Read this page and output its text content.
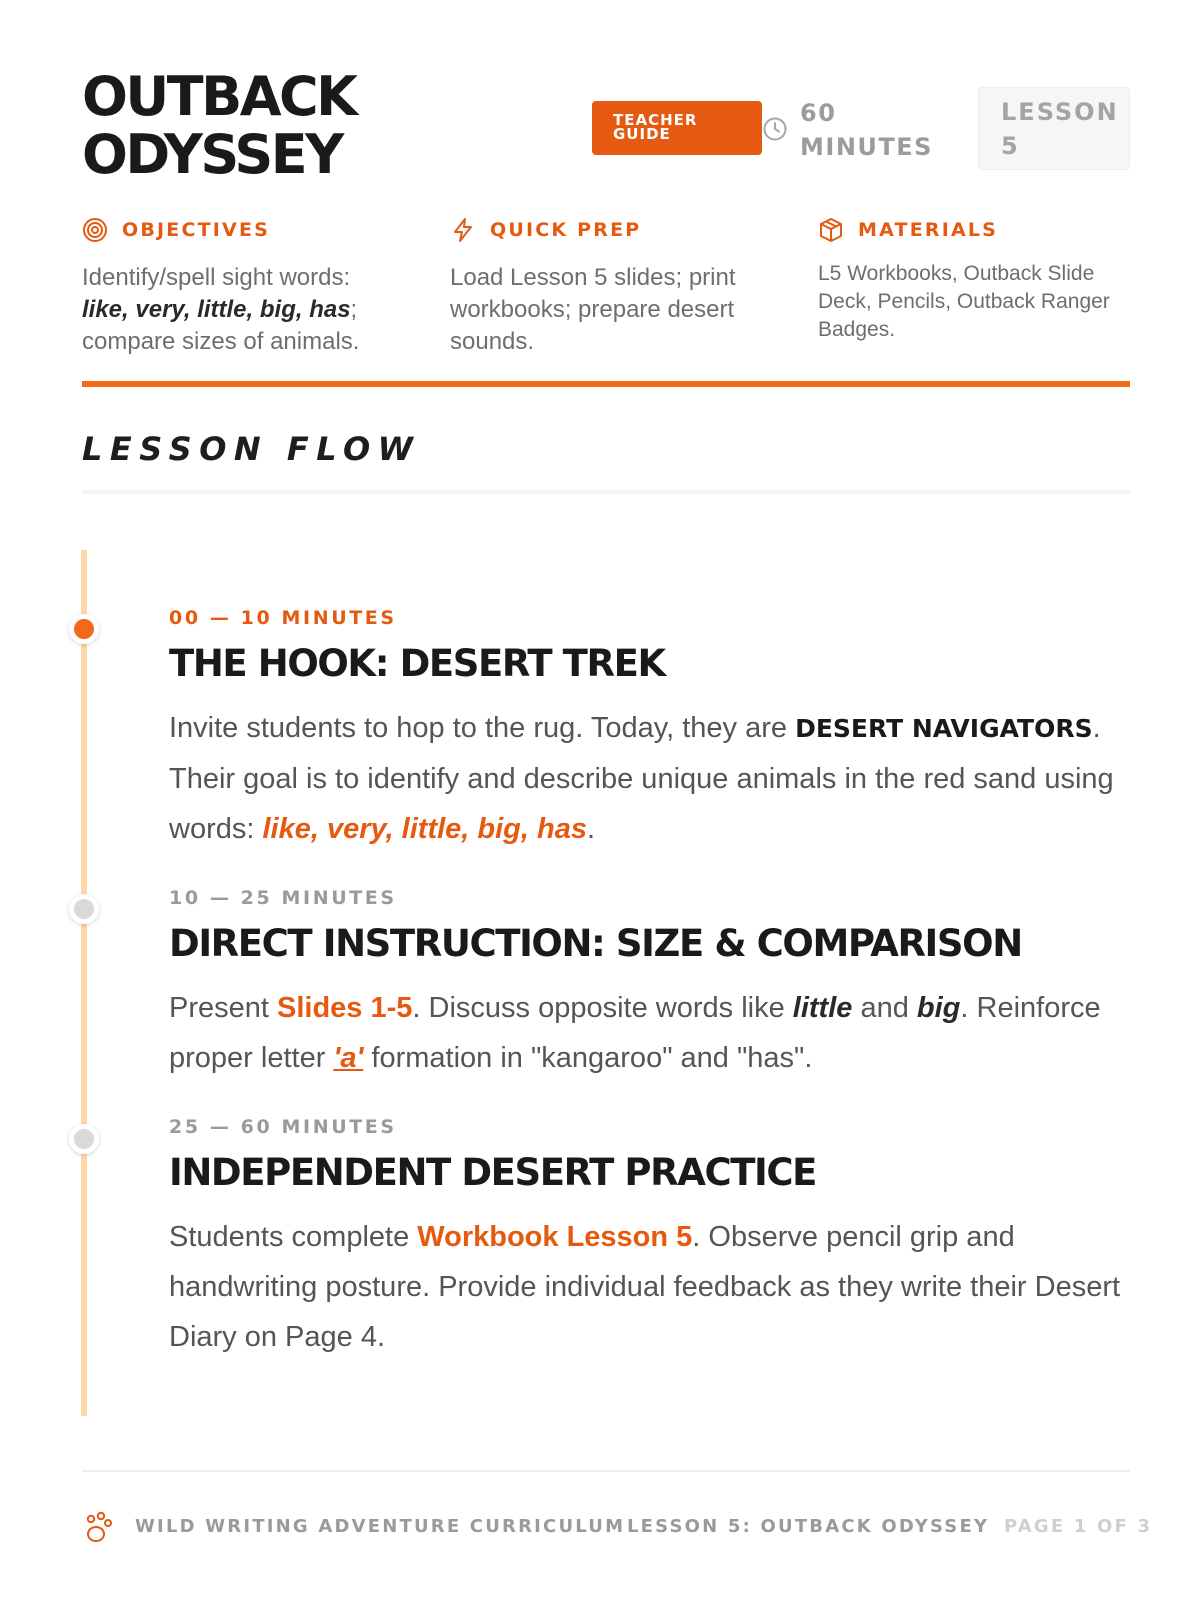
OUTBACK
ODYSSEY
TEACHER
GUIDE
60
MINUTES
LESSON
5
OBJECTIVES
Identify/spell sight words:
like, very, little, big, has; compare sizes of animals.
QUICK PREP
Load Lesson 5 slides; print workbooks; prepare desert sounds.
MATERIALS
L5 Workbooks, Outback Slide Deck, Pencils, Outback Ranger Badges.
LESSON FLOW
00 — 10 MINUTES
THE HOOK: DESERT TREK
Invite students to hop to the rug. Today, they are DESERT NAVIGATORS. Their goal is to identify and describe unique animals in the red sand using words: like, very, little, big, has.
10 — 25 MINUTES
DIRECT INSTRUCTION: SIZE & COMPARISON
Present Slides 1-5. Discuss opposite words like little and big. Reinforce proper letter 'a' formation in "kangaroo" and "has".
25 — 60 MINUTES
INDEPENDENT DESERT PRACTICE
Students complete Workbook Lesson 5. Observe pencil grip and handwriting posture. Provide individual feedback as they write their Desert Diary on Page 4.
WILD WRITING ADVENTURE CURRICULUM LESSON 5: OUTBACK ODYSSEY PAGE 1 OF 3
